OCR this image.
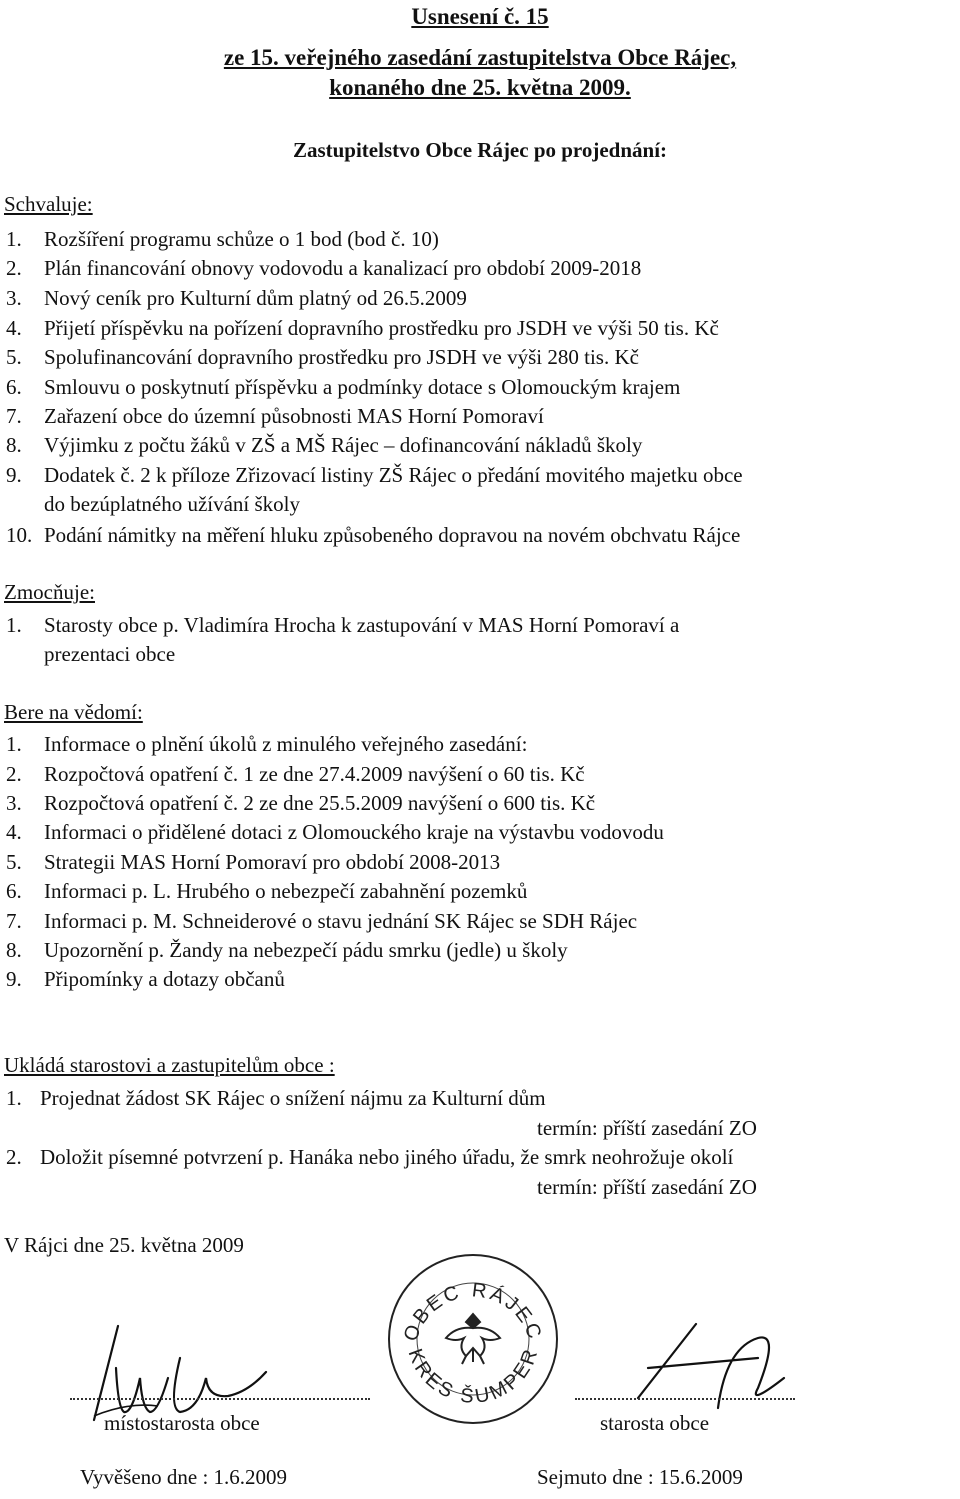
Usnesení č. 15
ze 15. veřejného zasedání zastupitelstva Obce Rájec,
konaného dne 25. května 2009.
Zastupitelstvo Obce Rájec po projednání:
Schvaluje:
1. Rozšíření programu schůze o 1 bod (bod č. 10)
2. Plán financování obnovy vodovodu a kanalizací pro období 2009-2018
3. Nový ceník pro Kulturní dům platný od 26.5.2009
4. Přijetí příspěvku na pořízení dopravního prostředku pro JSDH ve výši 50 tis. Kč
5. Spolufinancování dopravního prostředku pro JSDH ve výši 280 tis. Kč
6. Smlouvu o poskytnutí příspěvku a podmínky dotace s Olomouckým krajem
7. Zařazení obce do územní působnosti MAS Horní Pomoraví
8. Výjimku z počtu žáků v ZŠ a MŠ Rájec – dofinancování nákladů školy
9. Dodatek č. 2 k příloze Zřizovací listiny ZŠ Rájec o předání movitého majetku obce
do bezúplatného užívání školy
10. Podání námitky na měření hluku způsobeného dopravou na novém obchvatu Rájce
Zmocňuje:
1. Starosty obce p. Vladimíra Hrocha k zastupování v MAS Horní Pomoraví a
prezentaci obce
Bere na vědomí:
1. Informace o plnění úkolů z minulého veřejného zasedání:
2. Rozpočtová opatření č. 1 ze dne 27.4.2009 navýšení o 60 tis. Kč
3. Rozpočtová opatření č. 2 ze dne 25.5.2009 navýšení o 600 tis. Kč
4. Informaci o přidělené dotaci z Olomouckého kraje na výstavbu vodovodu
5. Strategii MAS Horní Pomoraví pro období 2008-2013
6. Informaci p. L. Hrubého o nebezpečí zabahnění pozemků
7. Informaci p. M. Schneiderové o stavu jednání SK Rájec se SDH Rájec
8. Upozornění p. Žandy na nebezpečí pádu smrku (jedle) u školy
9. Připomínky a dotazy občanů
Ukládá starostovi a zastupitelům obce :
1. Projednat žádost SK Rájec o snížení nájmu za Kulturní dům
termín: příští zasedání ZO
2. Doložit písemné potvrzení p. Hanáka nebo jiného úřadu, že smrk neohrožuje okolí
termín: příští zasedání ZO
V Rájci dne 25. května 2009
OBEC RÁJEC
KRES ŠUMPER
místostarosta obce	starosta obce
Vyvěšeno dne : 1.6.2009	Sejmuto dne : 15.6.2009
